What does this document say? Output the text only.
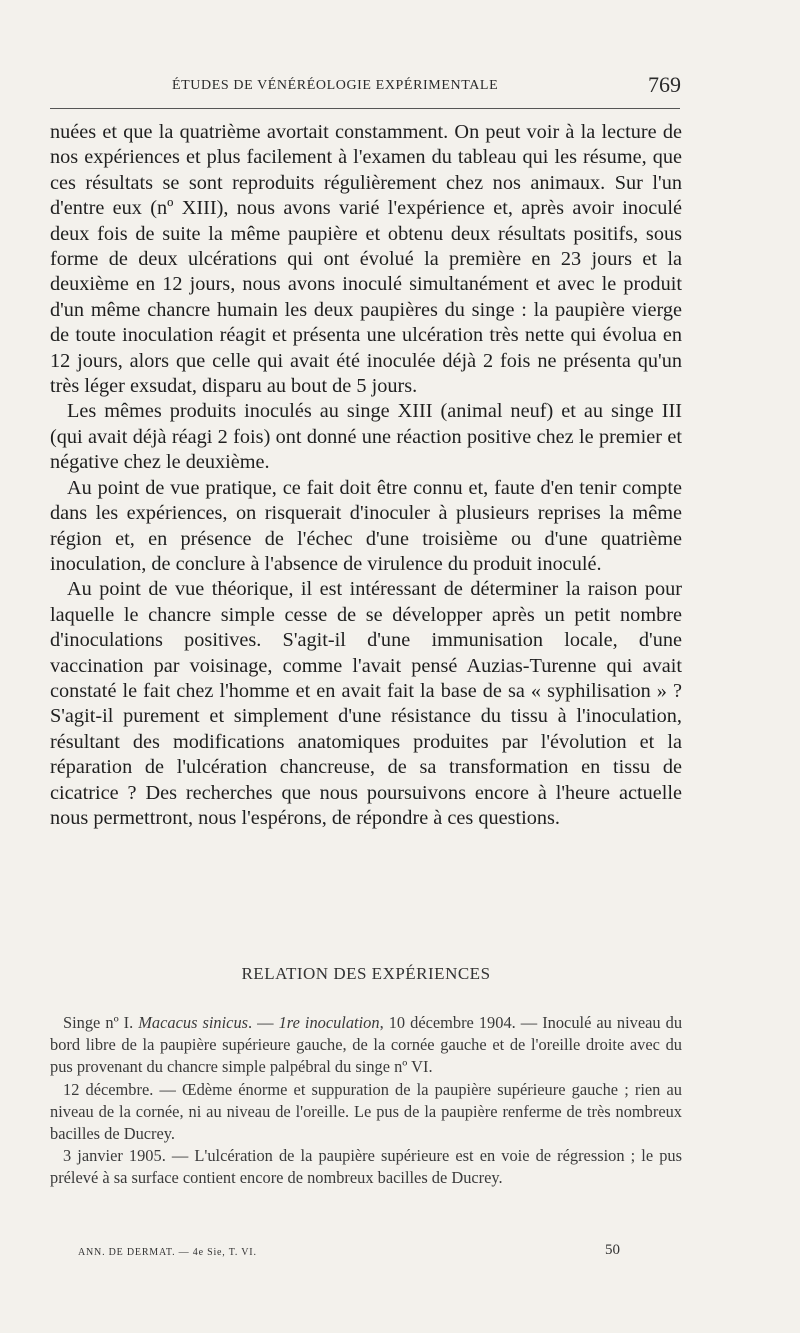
ÉTUDES DE VÉNÉRÉOLOGIE EXPÉRIMENTALE	769

nuées et que la quatrième avortait constamment. On peut voir à la lecture de nos expériences et plus facilement à l'examen du tableau qui les résume, que ces résultats se sont reproduits régulièrement chez nos animaux. Sur l'un d'entre eux (nº XIII), nous avons varié l'expérience et, après avoir inoculé deux fois de suite la même paupière et obtenu deux résultats positifs, sous forme de deux ulcérations qui ont évolué la première en 23 jours et la deuxième en 12 jours, nous avons inoculé simultanément et avec le produit d'un même chancre humain les deux paupières du singe : la paupière vierge de toute inoculation réagit et présenta une ulcération très nette qui évolua en 12 jours, alors que celle qui avait été inoculée déjà 2 fois ne présenta qu'un très léger exsudat, disparu au bout de 5 jours.

Les mêmes produits inoculés au singe XIII (animal neuf) et au singe III (qui avait déjà réagi 2 fois) ont donné une réaction positive chez le premier et négative chez le deuxième.

Au point de vue pratique, ce fait doit être connu et, faute d'en tenir compte dans les expériences, on risquerait d'inoculer à plusieurs reprises la même région et, en présence de l'échec d'une troisième ou d'une quatrième inoculation, de conclure à l'absence de virulence du produit inoculé.

Au point de vue théorique, il est intéressant de déterminer la raison pour laquelle le chancre simple cesse de se développer après un petit nombre d'inoculations positives. S'agit-il d'une immunisation locale, d'une vaccination par voisinage, comme l'avait pensé Auzias-Turenne qui avait constaté le fait chez l'homme et en avait fait la base de sa « syphilisation » ? S'agit-il purement et simplement d'une résistance du tissu à l'inoculation, résultant des modifications anatomiques produites par l'évolution et la réparation de l'ulcération chancreuse, de sa transformation en tissu de cicatrice ? Des recherches que nous poursuivons encore à l'heure actuelle nous permettront, nous l'espérons, de répondre à ces questions.

RELATION DES EXPÉRIENCES

Singe nº I. Macacus sinicus. — 1re inoculation, 10 décembre 1904. — Inoculé au niveau du bord libre de la paupière supérieure gauche, de la cornée gauche et de l'oreille droite avec du pus provenant du chancre simple palpébral du singe nº VI.

12 décembre. — Œdème énorme et suppuration de la paupière supérieure gauche ; rien au niveau de la cornée, ni au niveau de l'oreille. Le pus de la paupière renferme de très nombreux bacilles de Ducrey.

3 janvier 1905. — L'ulcération de la paupière supérieure est en voie de régression ; le pus prélevé à sa surface contient encore de nombreux bacilles de Ducrey.

ANN. DE DERMAT. — 4e Sie, T. VI.	50
